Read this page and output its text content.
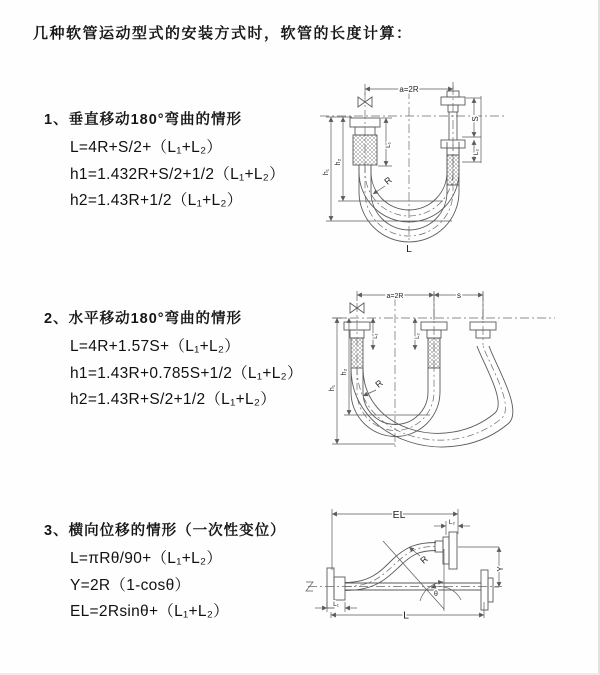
几种软管运动型式的安装方式时，软管的长度计算：
1、垂直移动180°弯曲的情形
L=4R+S/2+（L₁+L₂）
h1=1.432R+S/2+1/2（L₁+L₂）
h2=1.43R+1/2（L₁+L₂）
2、水平移动180°弯曲的情形
L=4R+1.57S+（L₁+L₂）
h1=1.43R+0.785S+1/2（L₁+L₂）
h2=1.43R+S/2+1/2（L₁+L₂）
3、横向位移的情形（一次性变位）
L=πRθ/90+（L₁+L₂）
Y=2R（1-cosθ）
EL=2Rsinθ+（L₁+L₂）
a=2R
L₁
S
L₂
h₁
h₂
R
L
a=2R	s
L₁	L₂
h₁
h₂
R
EL
L₂
Y
θ
R
L
L₁
